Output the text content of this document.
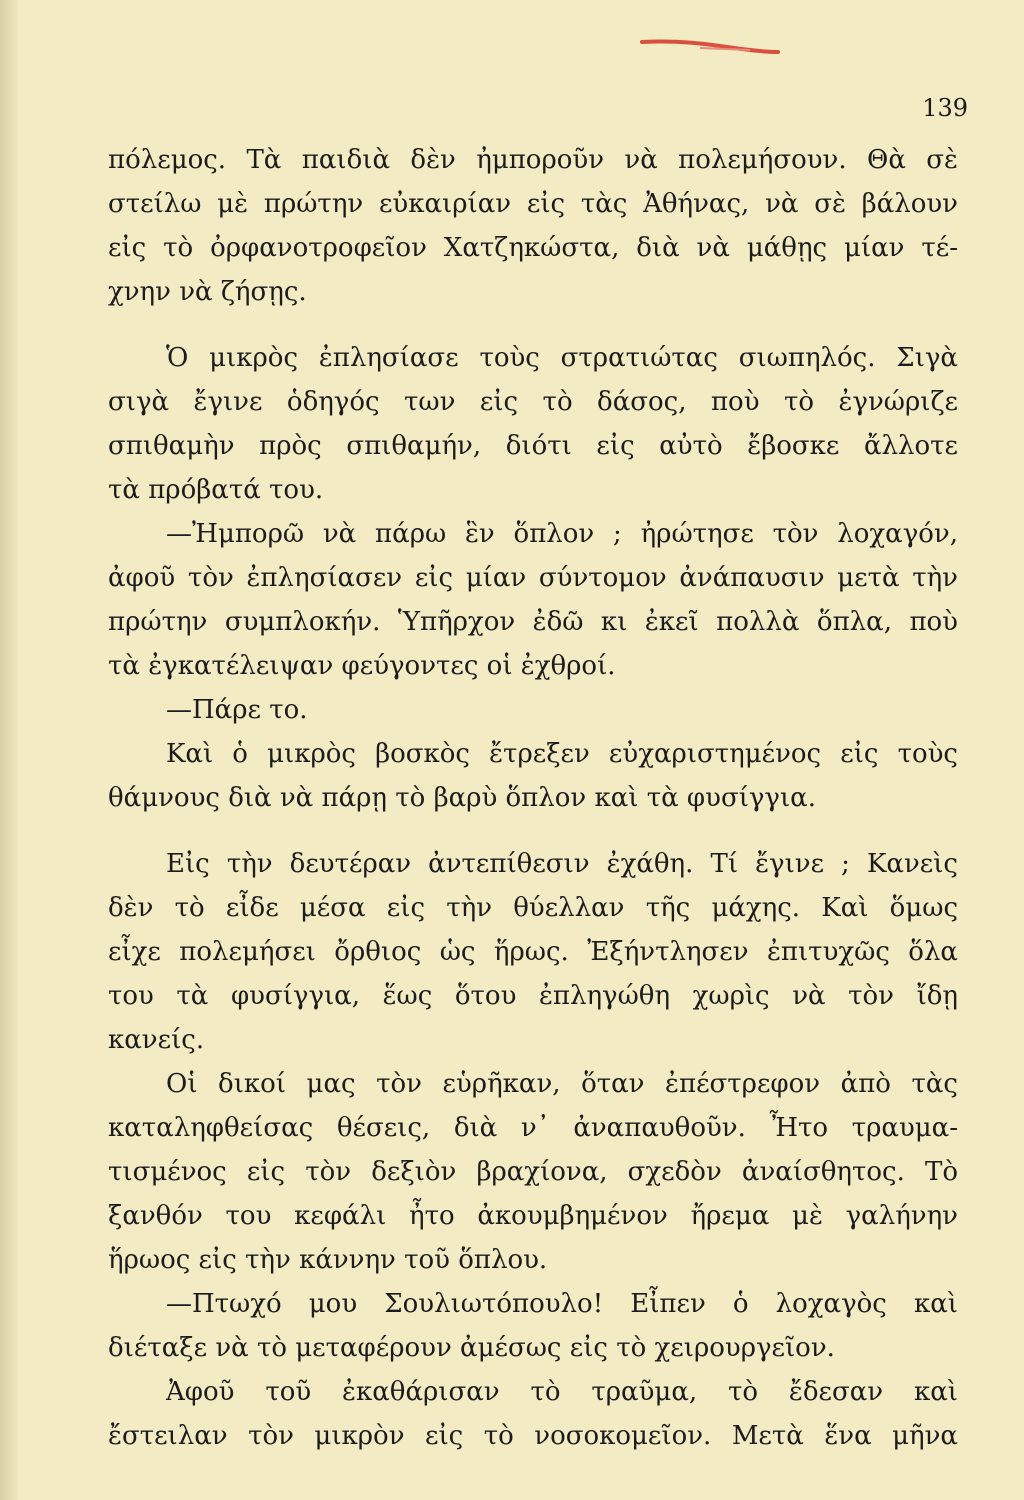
139
πόλεμος. Τὰ παιδιὰ δὲν ἠμποροῦν νὰ πολεμήσουν. Θὰ σὲ
στείλω μὲ πρώτην εὐκαιρίαν εἰς τὰς Ἀθήνας, νὰ σὲ βάλουν
εἰς τὸ ὀρφανοτροφεῖον Χατζηκώστα, διὰ νὰ μάθῃς μίαν τέ-
χνην νὰ ζήσῃς.
Ὁ μικρὸς ἐπλησίασε τοὺς στρατιώτας σιωπηλός. Σιγὰ
σιγὰ ἔγινε ὁδηγός των εἰς τὸ δάσος, ποὺ τὸ ἐγνώριζε
σπιθαμὴν πρὸς σπιθαμήν, διότι εἰς αὐτὸ ἔβοσκε ἄλλοτε
τὰ πρόβατά του.
—Ἠμπορῶ νὰ πάρω ἓν ὅπλον ; ἠρώτησε τὸν λοχαγόν,
ἀφοῦ τὸν ἐπλησίασεν εἰς μίαν σύντομον ἀνάπαυσιν μετὰ τὴν
πρώτην συμπλοκήν. Ὑπῆρχον ἐδῶ κι ἐκεῖ πολλὰ ὅπλα, ποὺ
τὰ ἐγκατέλειψαν φεύγοντες οἱ ἐχθροί.
—Πάρε το.
Καὶ ὁ μικρὸς βοσκὸς ἔτρεξεν εὐχαριστημένος εἰς τοὺς
θάμνους διὰ νὰ πάρῃ τὸ βαρὺ ὅπλον καὶ τὰ φυσίγγια.
Εἰς τὴν δευτέραν ἀντεπίθεσιν ἐχάθη. Τί ἔγινε ; Κανεὶς
δὲν τὸ εἶδε μέσα εἰς τὴν θύελλαν τῆς μάχης. Καὶ ὅμως
εἶχε πολεμήσει ὄρθιος ὡς ἥρως. Ἐξήντλησεν ἐπιτυχῶς ὅλα
του τὰ φυσίγγια, ἕως ὅτου ἐπληγώθη χωρὶς νὰ τὸν ἴδῃ
κανείς.
Οἱ δικοί μας τὸν εὑρῆκαν, ὅταν ἐπέστρεφον ἀπὸ τὰς
καταληφθείσας θέσεις, διὰ ν᾽ ἀναπαυθοῦν. Ἦτο τραυμα-
τισμένος εἰς τὸν δεξιὸν βραχίονα, σχεδὸν ἀναίσθητος. Τὸ
ξανθόν του κεφάλι ἦτο ἀκουμβημένον ἤρεμα μὲ γαλήνην
ἥρωος εἰς τὴν κάννην τοῦ ὅπλου.
—Πτωχό μου Σουλιωτόπουλο! Εἶπεν ὁ λοχαγὸς καὶ
διέταξε νὰ τὸ μεταφέρουν ἀμέσως εἰς τὸ χειρουργεῖον.
Ἀφοῦ τοῦ ἐκαθάρισαν τὸ τραῦμα, τὸ ἔδεσαν καὶ
ἔστειλαν τὸν μικρὸν εἰς τὸ νοσοκομεῖον. Μετὰ ἕνα μῆνα
